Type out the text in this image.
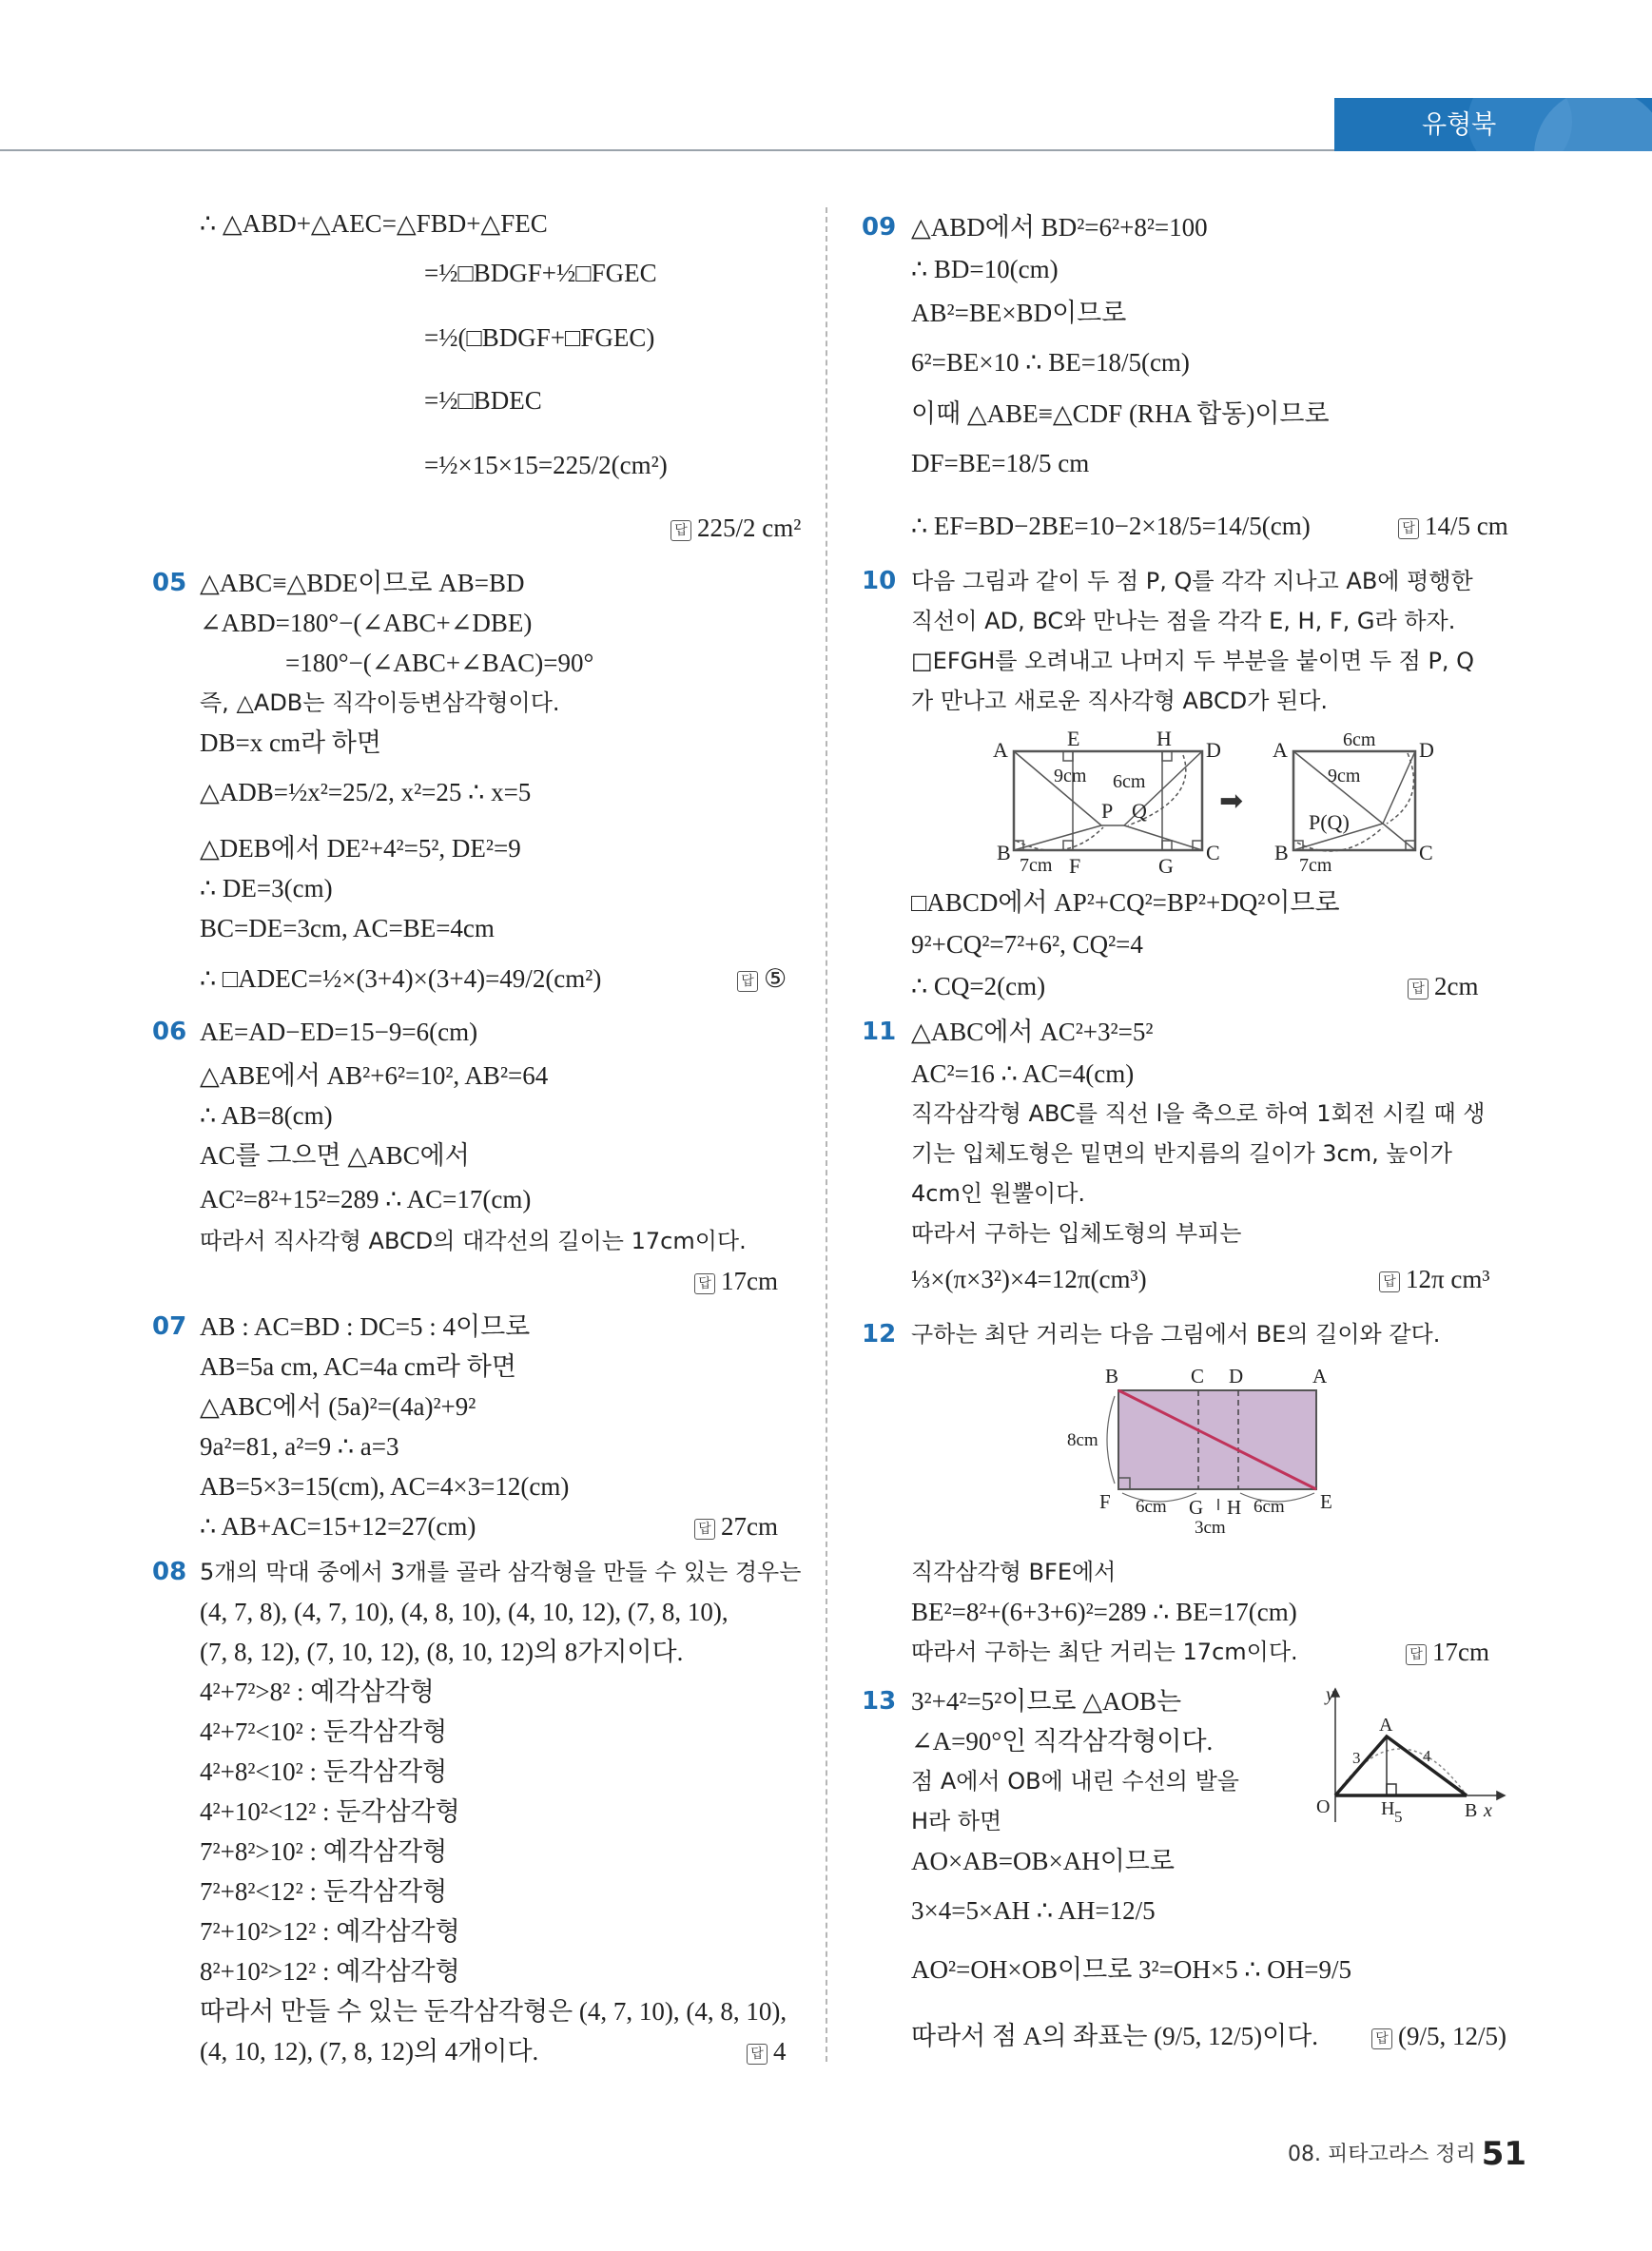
유형북
∴ △ABD+△AEC=△FBD+△FEC
=½□BDGF+½□FGEC
=½(□BDGF+□FGEC)
=½□BDEC
=½×15×15=225/2(cm²)
답 225/2 cm²
05 △ABC≡△BDE이므로 AB=BD
∠ABD=180°−(∠ABC+∠DBE)
=180°−(∠ABC+∠BAC)=90°
즉, △ADB는 직각이등변삼각형이다.
DB=x cm라 하면
△ADB=½x²=25/2, x²=25 ∴ x=5
△DEB에서 DE²+4²=5², DE²=9
∴ DE=3(cm)
BC=DE=3cm, AC=BE=4cm
∴ □ADEC=½×(3+4)×(3+4)=49/2(cm²)	답 ⑤
06 AE=AD−ED=15−9=6(cm)
△ABE에서 AB²+6²=10², AB²=64
∴ AB=8(cm)
AC를 그으면 △ABC에서
AC²=8²+15²=289 ∴ AC=17(cm)
따라서 직사각형 ABCD의 대각선의 길이는 17cm이다.
답 17cm
07 AB : AC=BD : DC=5 : 4이므로
AB=5a cm, AC=4a cm라 하면
△ABC에서 (5a)²=(4a)²+9²
9a²=81, a²=9 ∴ a=3
AB=5×3=15(cm), AC=4×3=12(cm)
∴ AB+AC=15+12=27(cm)	답 27cm
08 5개의 막대 중에서 3개를 골라 삼각형을 만들 수 있는 경우는
(4, 7, 8), (4, 7, 10), (4, 8, 10), (4, 10, 12), (7, 8, 10),
(7, 8, 12), (7, 10, 12), (8, 10, 12)의 8가지이다.
4²+7²>8² : 예각삼각형
4²+7²<10² : 둔각삼각형
4²+8²<10² : 둔각삼각형
4²+10²<12² : 둔각삼각형
7²+8²>10² : 예각삼각형
7²+8²<12² : 둔각삼각형
7²+10²>12² : 예각삼각형
8²+10²>12² : 예각삼각형
따라서 만들 수 있는 둔각삼각형은 (4, 7, 10), (4, 8, 10),
(4, 10, 12), (7, 8, 12)의 4개이다.	답 4
09 △ABD에서 BD²=6²+8²=100
∴ BD=10(cm)
AB²=BE×BD이므로
6²=BE×10 ∴ BE=18/5(cm)
이때 △ABE≡△CDF (RHA 합동)이므로
DF=BE=18/5 cm
∴ EF=BD−2BE=10−2×18/5=14/5(cm)	답 14/5 cm
10 다음 그림과 같이 두 점 P, Q를 각각 지나고 AB에 평행한
직선이 AD, BC와 만나는 점을 각각 E, H, F, G라 하자.
□EFGH를 오려내고 나머지 두 부분을 붙이면 두 점 P, Q
가 만나고 새로운 직사각형 ABCD가 된다.
A	E	H D
B
F	G
C
P Q
9cm 6cm
7cm
➡
A	D
B	C
P(Q)
6cm
9cm
7cm
□ABCD에서 AP²+CQ²=BP²+DQ²이므로
9²+CQ²=7²+6², CQ²=4
∴ CQ=2(cm)	답 2cm
11 △ABC에서 AC²+3²=5²
AC²=16 ∴ AC=4(cm)
직각삼각형 ABC를 직선 l을 축으로 하여 1회전 시킬 때 생
기는 입체도형은 밑면의 반지름의 길이가 3cm, 높이가
4cm인 원뿔이다.
따라서 구하는 입체도형의 부피는
⅓×(π×3²)×4=12π(cm³)	답 12π cm³
12 구하는 최단 거리는 다음 그림에서 BE의 길이와 같다.
B	C D	A
F	G H	E
8cm
6cm	6cm
3cm
직각삼각형 BFE에서
BE²=8²+(6+3+6)²=289 ∴ BE=17(cm)
따라서 구하는 최단 거리는 17cm이다.	답 17cm
13 3²+4²=5²이므로 △AOB는
∠A=90°인 직각삼각형이다.
점 A에서 OB에 내린 수선의 발을
H라 하면
AO×AB=OB×AH이므로
3×4=5×AH ∴ AH=12/5
AO²=OH×OB이므로 3²=OH×5 ∴ OH=9/5
따라서 점 A의 좌표는 (9/5, 12/5)이다.	답 (9/5, 12/5)
y
x
A
O	H	B
3	4
5
08. 피타고라스 정리 51
